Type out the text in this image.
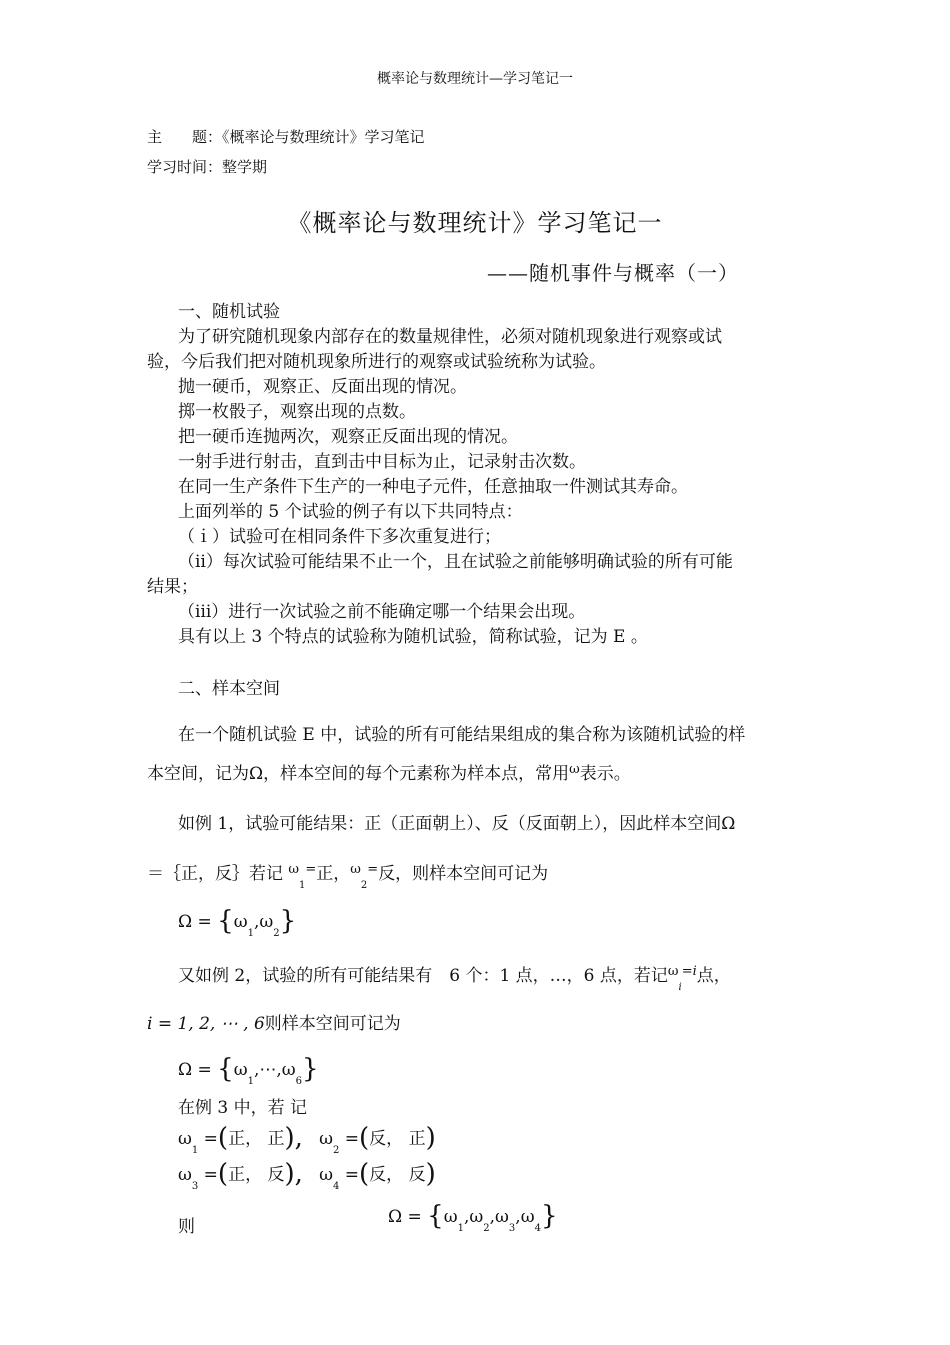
概率论与数理统计—学习笔记一
主　　题：《概率论与数理统计》学习笔记
学习时间：整学期
《概率论与数理统计》学习笔记一
——随机事件与概率（一）
一、随机试验
为了研究随机现象内部存在的数量规律性，必须对随机现象进行观察或试
验，今后我们把对随机现象所进行的观察或试验统称为试验。
抛一硬币，观察正、反面出现的情况。
掷一枚骰子，观察出现的点数。
把一硬币连抛两次，观察正反面出现的情况。
一射手进行射击，直到击中目标为止，记录射击次数。
在同一生产条件下生产的一种电子元件，任意抽取一件测试其寿命。
上面列举的 5 个试验的例子有以下共同特点：
（ｉ）试验可在相同条件下多次重复进行；
（ⅱ）每次试验可能结果不止一个，且在试验之前能够明确试验的所有可能
结果；
（ⅲ）进行一次试验之前不能确定哪一个结果会出现。
具有以上 3 个特点的试验称为随机试验，简称试验，记为 E 。
二、样本空间
在一个随机试验 E 中，试验的所有可能结果组成的集合称为该随机试验的样
本空间，记为Ω，样本空间的每个元素称为样本点，常用$^\omega$表示。
如例 1，试验可能结果：正（正面朝上）、反（反面朝上），因此样本空间Ω
＝｛正，反｝若记 $^\omega_1$=正，$^\omega_2$=反，则样本空间可记为
$\Omega = \{\omega_1,\omega_2\}$
又如例 2，试验的所有可能结果有　6 个：1 点，…，6 点，若记$^\omega_i^{=i}$点，
i = 1, 2, ⋯ , 6则样本空间可记为
$\Omega = \{\omega_1,\cdots,\omega_6\}$
在例 3 中，若 记
$\omega_1$ =(正， 正), $\omega_2$ =(反， 正)
$\omega_3$ =(正， 反), $\omega_4$ =(反， 反)
则	$\Omega = \{\omega_1,\omega_2,\omega_3,\omega_4\}$
